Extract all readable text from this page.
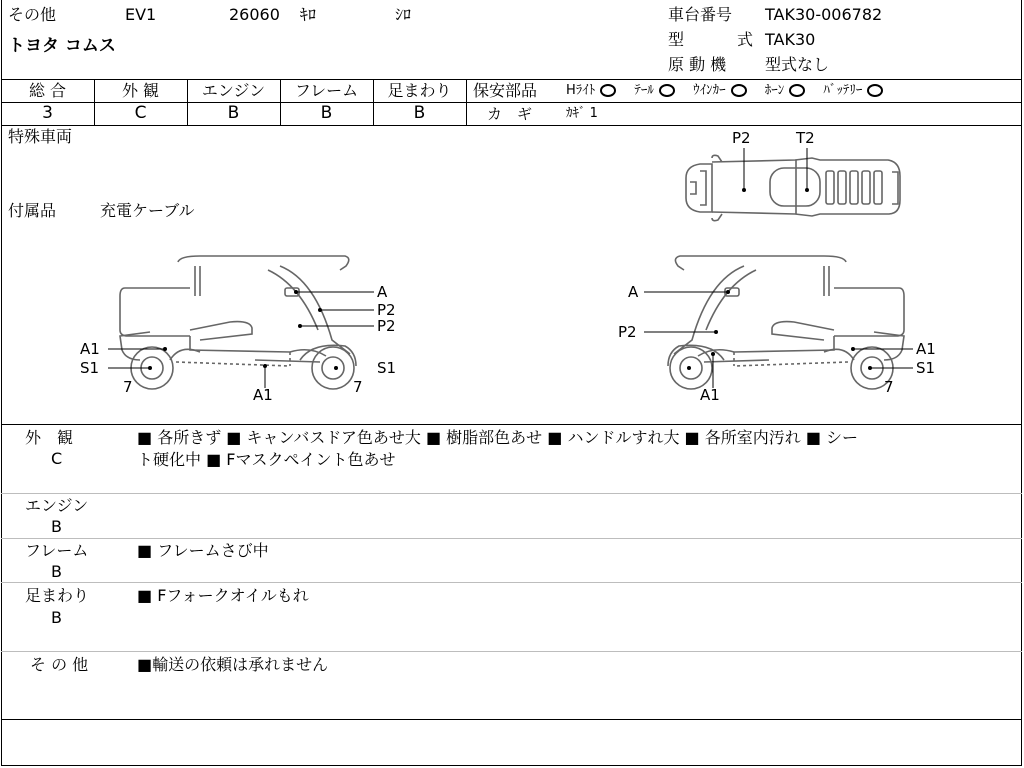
その他	EV1	26060 ｷﾛ	ｼﾛ
トヨタ コムス
車台番号 TAK30-006782
型	式 TAK30
原 動 機 型式なし
総 合	外 観	エンジン	フレーム	足まわり
3	C	B	B	B
保安部品 Hﾗｲﾄ	ﾃｰﾙ	ｳｲﾝｶｰ	ﾎｰﾝ	ﾊﾞｯﾃﾘｰ
カ　ギ	ｶｷﾞ 1
特殊車両
付属品	充電ケーブル
P2	T2
A
P2
P2
A1
S1
7	A1	7
S1
A
P2
A1
S1
7
A1
外　観
C
■ 各所きず ■ キャンバスドア色あせ大 ■ 樹脂部色あせ ■ ハンドルすれ大 ■ 各所室内汚れ ■ シー
ト硬化中 ■ Fマスクペイント色あせ
エンジン
B
フレーム
B
■ フレームさび中
足まわり
B
■ Fフォークオイルもれ
そ の 他	■輸送の依頼は承れません
